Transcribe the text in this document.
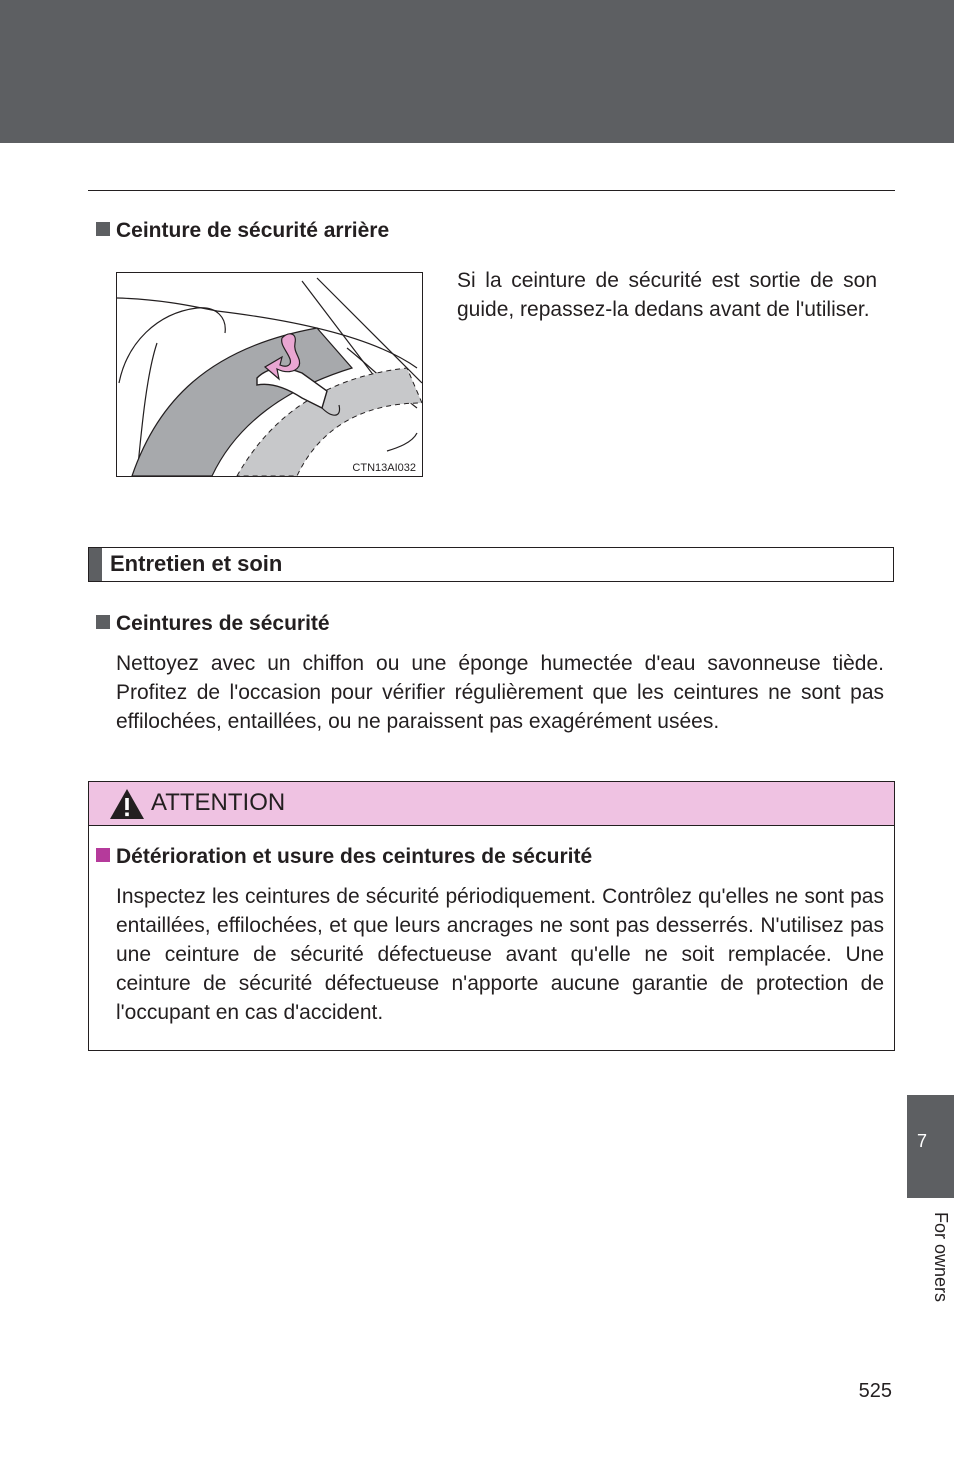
Ceinture de sécurité arrière
CTN13AI032
Si la ceinture de sécurité est sortie de son guide, repassez-la dedans avant de l'utiliser.
Entretien et soin
Ceintures de sécurité
Nettoyez avec un chiffon ou une éponge humectée d'eau savonneuse tiède. Profitez de l'occasion pour vérifier régulièrement que les ceintures ne sont pas effilochées, entaillées, ou ne paraissent pas exagérément usées.
ATTENTION
Détérioration et usure des ceintures de sécurité
Inspectez les ceintures de sécurité périodiquement. Contrôlez qu'elles ne sont pas entaillées, effilochées, et que leurs ancrages ne sont pas desserrés. N'utilisez pas une ceinture de sécurité défectueuse avant qu'elle ne soit remplacée. Une ceinture de sécurité défectueuse n'apporte aucune garantie de protection de l'occupant en cas d'accident.
7
For owners
525
